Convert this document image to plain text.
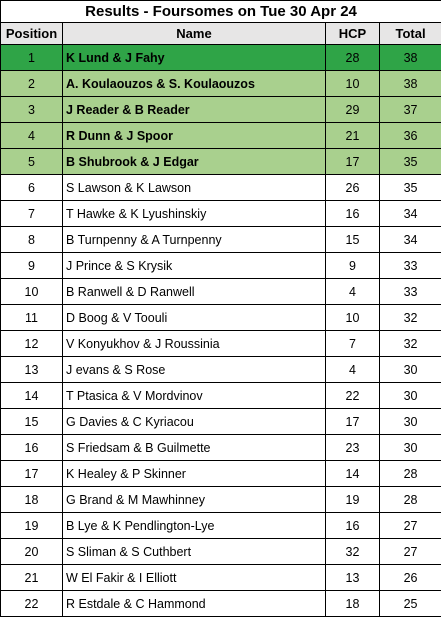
Results - Foursomes on Tue 30 Apr 24			
Position	Name	HCP	Total
1	K Lund & J Fahy	28	38
2	A. Koulaouzos & S. Koulaouzos	10	38
3	J Reader & B Reader	29	37
4	R Dunn & J Spoor	21	36
5	B Shubrook & J Edgar	17	35
6	S Lawson & K Lawson	26	35
7	T Hawke & K Lyushinskiy	16	34
8	B Turnpenny & A Turnpenny	15	34
9	J Prince & S Krysik	9	33
10	B Ranwell & D Ranwell	4	33
11	D Boog & V Toouli	10	32
12	V Konyukhov & J Roussinia	7	32
13	J evans & S Rose	4	30
14	T Ptasica & V Mordvinov	22	30
15	G Davies & C Kyriacou	17	30
16	S Friedsam & B Guilmette	23	30
17	K Healey & P Skinner	14	28
18	G Brand & M Mawhinney	19	28
19	B Lye & K Pendlington-Lye	16	27
20	S Sliman & S Cuthbert	32	27
21	W El Fakir & I Elliott	13	26
22	R Estdale & C Hammond	18	25
